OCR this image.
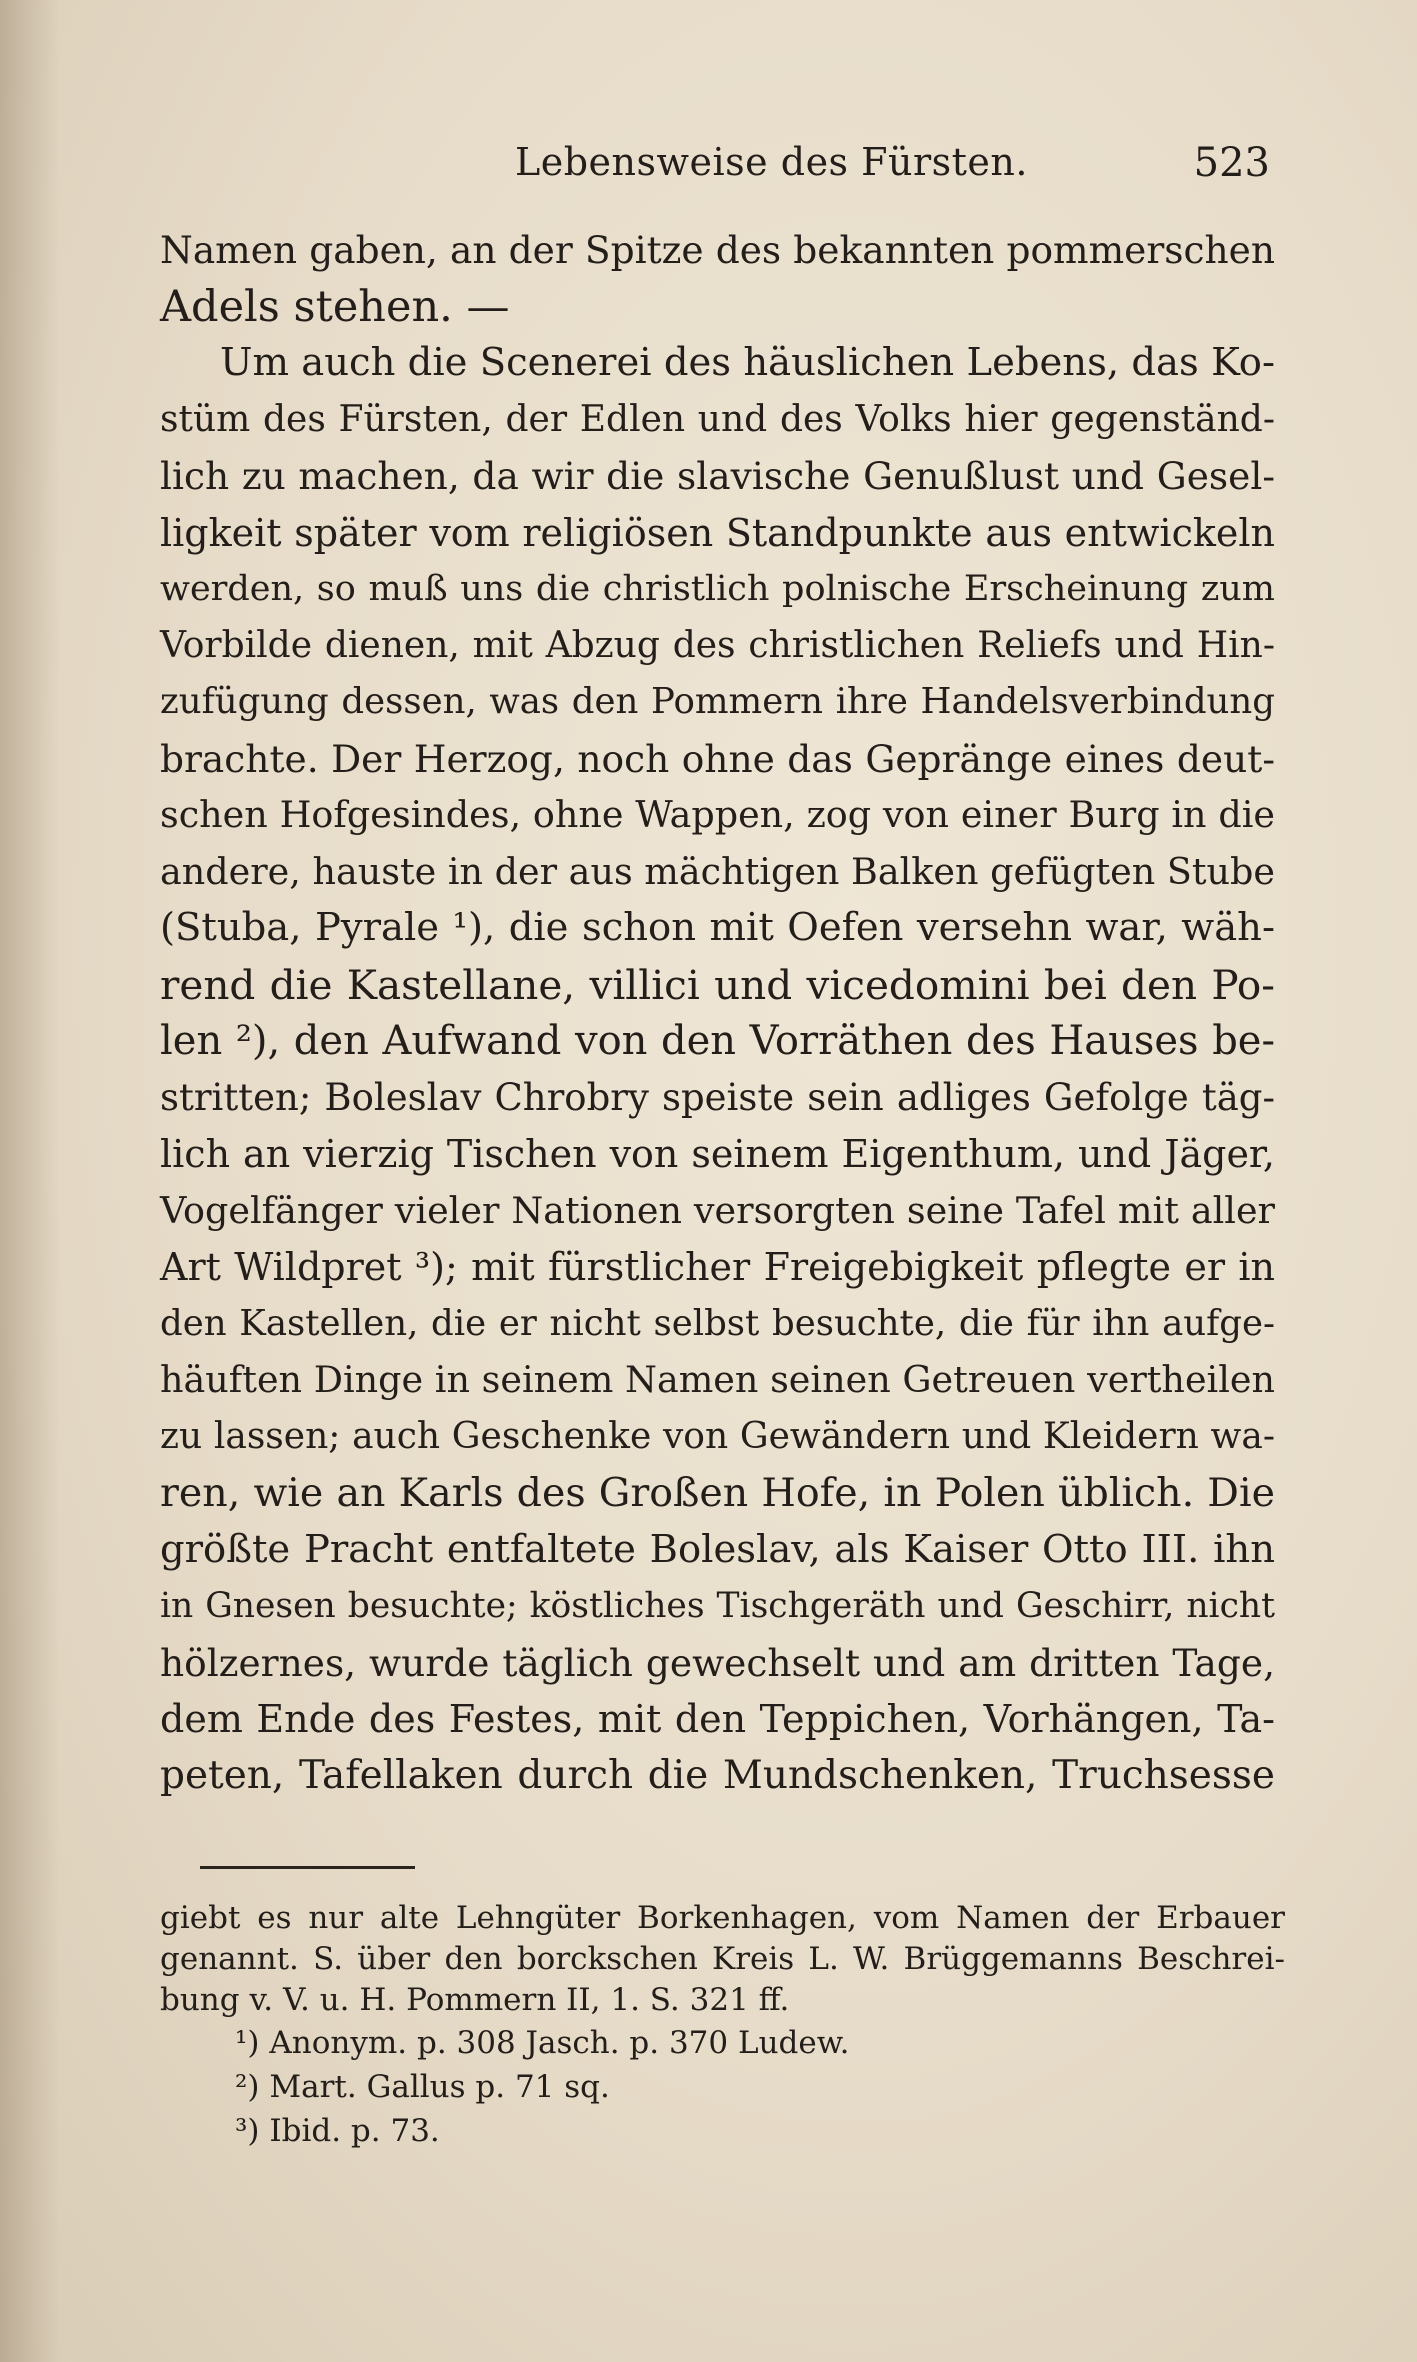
Lebensweise des Fürsten.	523
Namen gaben, an der Spitze des bekannten pommerschen
Adels stehen. —
Um auch die Scenerei des häuslichen Lebens, das Ko-
stüm des Fürsten, der Edlen und des Volks hier gegenständ-
lich zu machen, da wir die slavische Genußlust und Gesel-
ligkeit später vom religiösen Standpunkte aus entwickeln
werden, so muß uns die christlich polnische Erscheinung zum
Vorbilde dienen, mit Abzug des christlichen Reliefs und Hin-
zufügung dessen, was den Pommern ihre Handelsverbindung
brachte. Der Herzog, noch ohne das Gepränge eines deut-
schen Hofgesindes, ohne Wappen, zog von einer Burg in die
andere, hauste in der aus mächtigen Balken gefügten Stube
(Stuba, Pyrale ¹), die schon mit Oefen versehn war, wäh-
rend die Kastellane, villici und vicedomini bei den Po-
len ²), den Aufwand von den Vorräthen des Hauses be-
stritten; Boleslav Chrobry speiste sein adliges Gefolge täg-
lich an vierzig Tischen von seinem Eigenthum, und Jäger,
Vogelfänger vieler Nationen versorgten seine Tafel mit aller
Art Wildpret ³); mit fürstlicher Freigebigkeit pflegte er in
den Kastellen, die er nicht selbst besuchte, die für ihn aufge-
häuften Dinge in seinem Namen seinen Getreuen vertheilen
zu lassen; auch Geschenke von Gewändern und Kleidern wa-
ren, wie an Karls des Großen Hofe, in Polen üblich. Die
größte Pracht entfaltete Boleslav, als Kaiser Otto III. ihn
in Gnesen besuchte; köstliches Tischgeräth und Geschirr, nicht
hölzernes, wurde täglich gewechselt und am dritten Tage,
dem Ende des Festes, mit den Teppichen, Vorhängen, Ta-
peten, Tafellaken durch die Mundschenken, Truchsesse
giebt es nur alte Lehngüter Borkenhagen, vom Namen der Erbauer
genannt. S. über den borckschen Kreis L. W. Brüggemanns Beschrei-
bung v. V. u. H. Pommern II, 1. S. 321 ff.
¹) Anonym. p. 308 Jasch. p. 370 Ludew.
²) Mart. Gallus p. 71 sq.
³) Ibid. p. 73.
